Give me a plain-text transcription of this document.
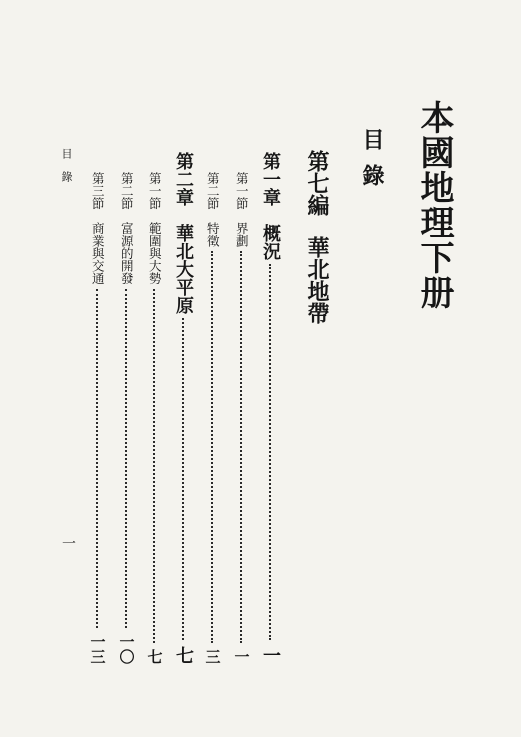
本國地理下册
目錄
第七編華北地帶
第一章　概況
一
第一節　界劃
一
第二節　特徵
三
第二章　華北大平原
七
第一節　範圍與大勢
七
第二節　富源的開發
一〇
第三節　商業與交通
一三
目錄
一
